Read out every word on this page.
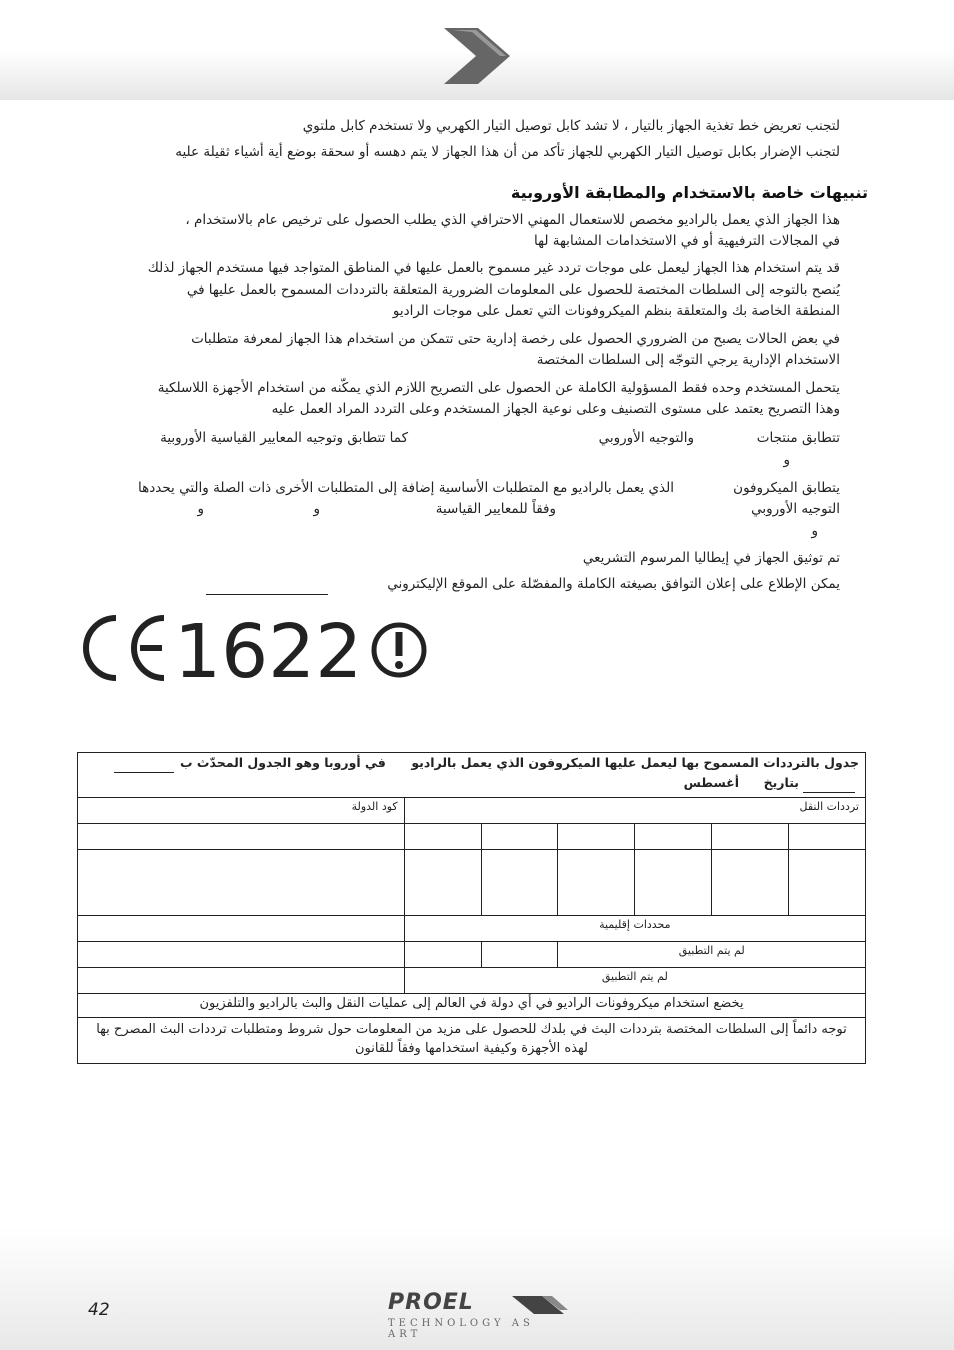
لتجنب تعريض خط تغذية الجهاز بالتيار ، لا تشد كابل توصيل التيار الكهربي ولا تستخدم كابل ملتوي
لتجنب الإضرار بكابل توصيل التيار الكهربي للجهاز تأكد من أن هذا الجهاز لا يتم دهسه أو سحقة بوضع أية أشياء ثقيلة عليه
تنبيهات خاصة بالاستخدام والمطابقة الأوروبية
هذا الجهاز الذي يعمل بالراديو مخصص للاستعمال المهني الاحترافي الذي يطلب الحصول على ترخيص عام بالاستخدام ،
في المجالات الترفيهية أو في الاستخدامات المشابهة لها
قد يتم استخدام هذا الجهاز ليعمل على موجات تردد غير مسموح بالعمل عليها في المناطق المتواجد فيها مستخدم الجهاز لذلك
يُنصح بالتوجه إلى السلطات المختصة للحصول على المعلومات الضرورية المتعلقة بالترددات المسموح بالعمل عليها في
المنطقة الخاصة بك والمتعلقة بنظم الميكروفونات التي تعمل على موجات الراديو
في بعض الحالات يصبح من الضروري الحصول على رخصة إدارية حتى تتمكن من استخدام هذا الجهاز لمعرفة متطلبات
الاستخدام الإدارية يرجي التوجّه إلى السلطات المختصة
يتحمل المستخدم وحده فقط المسؤولية الكاملة عن الحصول على التصريح اللازم الذي يمكّنه من استخدام الأجهزة اللاسلكية
وهذا التصريح يعتمد على مستوى التصنيف وعلى نوعية الجهاز المستخدم وعلى التردد المراد العمل عليه
تتطابق منتجات
والتوجيه الأوروبي
كما تتطابق وتوجيه المعايير القياسية الأوروبية
و
يتطابق الميكروفون
الذي يعمل بالراديو مع المتطلبات الأساسية إضافة إلى المتطلبات الأخرى ذات الصلة والتي يحددها
التوجيه الأوروبي
وفقاً للمعايير القياسية
و
و
و
تم توثيق الجهاز في إيطاليا المرسوم التشريعي
يمكن الإطلاع على إعلان التوافق بصيغته الكاملة والمفصّلة على الموقع الإليكتروني
1622
جدول بالترددات المسموح بها ليعمل عليها الميكروفون الذي يعمل بالراديو
بتاريخ
أغسطس
في أوروبا وهو الجدول المحدّث ب						

ترددات النقل						كود الدولة

محددات إقليمية						
لم يتم التطبيق						
لم يتم التطبيق						
يخضع استخدام ميكروفونات الراديو في أي دولة في العالم إلى عمليات النقل والبث بالراديو والتلفزيون						
توجه دائماً إلى السلطات المختصة بترددات البث في بلدك للحصول على مزيد من المعلومات حول شروط ومتطلبات ترددات البث المصرح بها لهذه الأجهزة وكيفية استخدامها وفقاً للقانون						
42	PROEL
TECHNOLOGY AS ART
